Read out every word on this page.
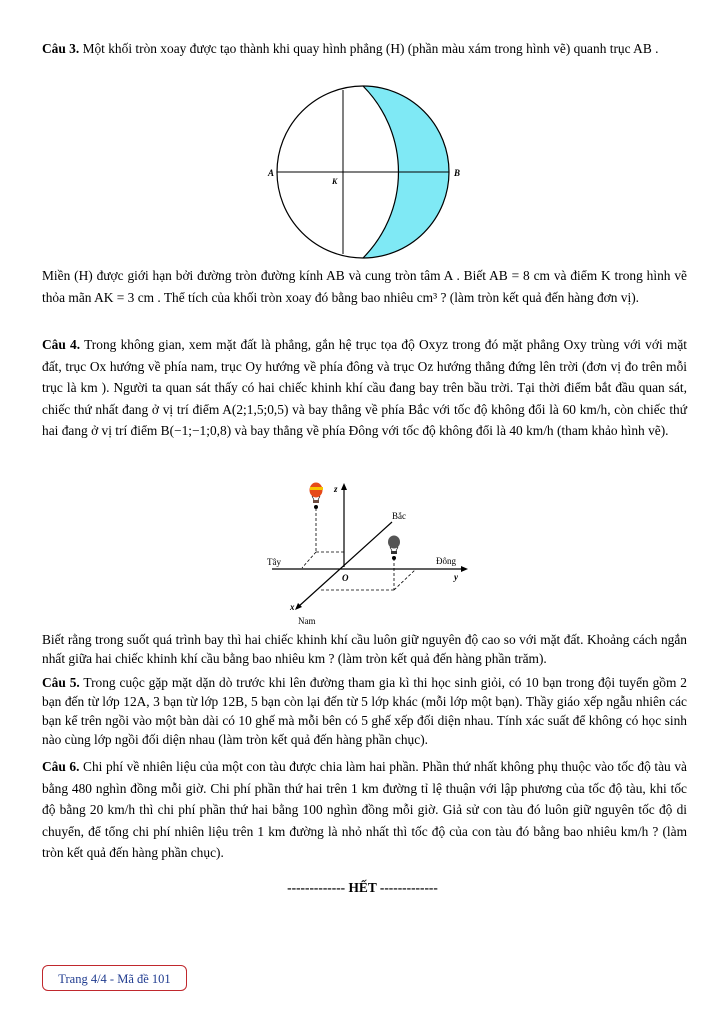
Câu 3. Một khối tròn xoay được tạo thành khi quay hình phẳng (H) (phần màu xám trong hình vẽ) quanh trục AB .

A	B
K

Miền (H) được giới hạn bởi đường tròn đường kính AB và cung tròn tâm A . Biết AB = 8 cm và điểm K trong hình vẽ thỏa mãn AK = 3 cm . Thể tích của khối tròn xoay đó bằng bao nhiêu cm³ ? (làm tròn kết quả đến hàng đơn vị).

Câu 4. Trong không gian, xem mặt đất là phẳng, gắn hệ trục tọa độ Oxyz trong đó mặt phẳng Oxy trùng với với mặt đất, trục Ox hướng về phía nam, trục Oy hướng về phía đông và trục Oz hướng thẳng đứng lên trời (đơn vị đo trên mỗi trục là km ). Người ta quan sát thấy có hai chiếc khinh khí cầu đang bay trên bầu trời. Tại thời điểm bắt đầu quan sát, chiếc thứ nhất đang ở vị trí điểm A(2;1,5;0,5) và bay thẳng về phía Bắc với tốc độ không đổi là 60 km/h, còn chiếc thứ hai đang ở vị trí điểm B(−1;−1;0,8) và bay thẳng về phía Đông với tốc độ không đổi là 40 km/h (tham khảo hình vẽ).

z
Bắc
Tây	Đông
y
O
x
Nam

Biết rằng trong suốt quá trình bay thì hai chiếc khinh khí cầu luôn giữ nguyên độ cao so với mặt đất. Khoảng cách ngắn nhất giữa hai chiếc khinh khí cầu bằng bao nhiêu km ? (làm tròn kết quả đến hàng phần trăm).

Câu 5. Trong cuộc gặp mặt dặn dò trước khi lên đường tham gia kì thi học sinh giỏi, có 10 bạn trong đội tuyển gồm 2 bạn đến từ lớp 12A, 3 bạn từ lớp 12B, 5 bạn còn lại đến từ 5 lớp khác (mỗi lớp một bạn). Thầy giáo xếp ngẫu nhiên các bạn kể trên ngồi vào một bàn dài có 10 ghế mà mỗi bên có 5 ghế xếp đối diện nhau. Tính xác suất để không có học sinh nào cùng lớp ngồi đối diện nhau (làm tròn kết quả đến hàng phần chục).

Câu 6. Chi phí về nhiên liệu của một con tàu được chia làm hai phần. Phần thứ nhất không phụ thuộc vào tốc độ tàu và bằng 480 nghìn đồng mỗi giờ. Chi phí phần thứ hai trên 1 km đường tỉ lệ thuận với lập phương của tốc độ tàu, khi tốc độ bằng 20 km/h thì chi phí phần thứ hai bằng 100 nghìn đồng mỗi giờ. Giả sử con tàu đó luôn giữ nguyên tốc độ di chuyển, để tổng chi phí nhiên liệu trên 1 km đường là nhỏ nhất thì tốc độ của con tàu đó bằng bao nhiêu km/h ? (làm tròn kết quả đến hàng phần chục).

------------- HẾT -------------
Trang 4/4 - Mã đề 101
